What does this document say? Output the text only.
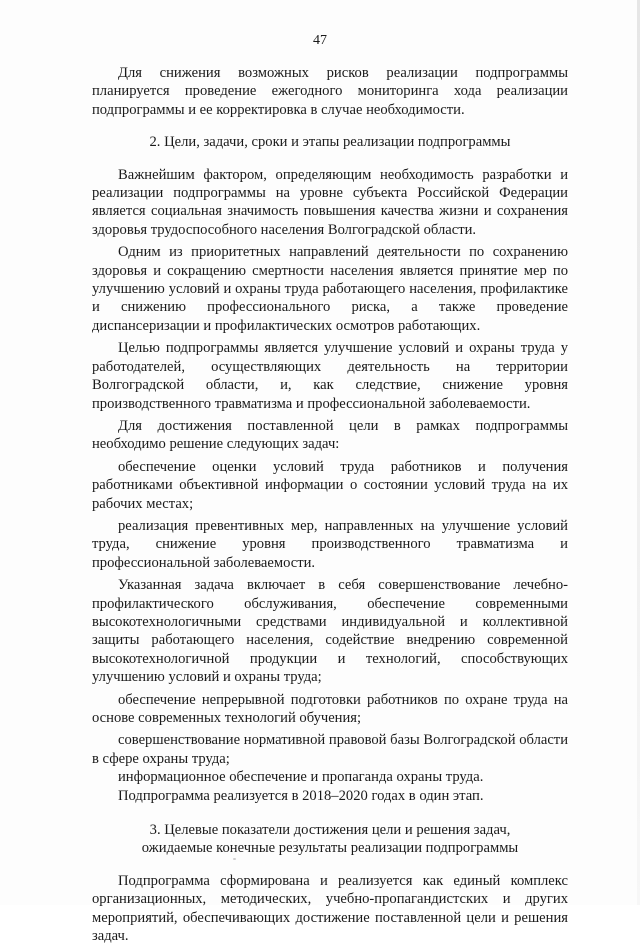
47

Для снижения возможных рисков реализации подпрограммы планируется проведение ежегодного мониторинга хода реализации подпрограммы и ее корректировка в случае необходимости.

2. Цели, задачи, сроки и этапы реализации подпрограммы

Важнейшим фактором, определяющим необходимость разработки и реализации подпрограммы на уровне субъекта Российской Федерации является социальная значимость повышения качества жизни и сохранения здоровья трудоспособного населения Волгоградской области.

Одним из приоритетных направлений деятельности по сохранению здоровья и сокращению смертности населения является принятие мер по улучшению условий и охраны труда работающего населения, профилактике и снижению профессионального риска, а также проведение диспансеризации и профилактических осмотров работающих.

Целью подпрограммы является улучшение условий и охраны труда у работодателей, осуществляющих деятельность на территории Волгоградской области, и, как следствие, снижение уровня производственного травматизма и профессиональной заболеваемости.

Для достижения поставленной цели в рамках подпрограммы необходимо решение следующих задач:

обеспечение оценки условий труда работников и получения работниками объективной информации о состоянии условий труда на их рабочих местах;

реализация превентивных мер, направленных на улучшение условий труда, снижение уровня производственного травматизма и профессиональной заболеваемости.

Указанная задача включает в себя совершенствование лечебно-профилактического обслуживания, обеспечение современными высокотехнологичными средствами индивидуальной и коллективной защиты работающего населения, содействие внедрению современной высокотехнологичной продукции и технологий, способствующих улучшению условий и охраны труда;

обеспечение непрерывной подготовки работников по охране труда на основе современных технологий обучения;

совершенствование нормативной правовой базы Волгоградской области в сфере охраны труда;

информационное обеспечение и пропаганда охраны труда.

Подпрограмма реализуется в 2018–2020 годах в один этап.

3. Целевые показатели достижения цели и решения задач,
ожидаемые конечные результаты реализации подпрограммы

Подпрограмма сформирована и реализуется как единый комплекс организационных, методических, учебно-пропагандистских и других мероприятий, обеспечивающих достижение поставленной цели и решения задач.
